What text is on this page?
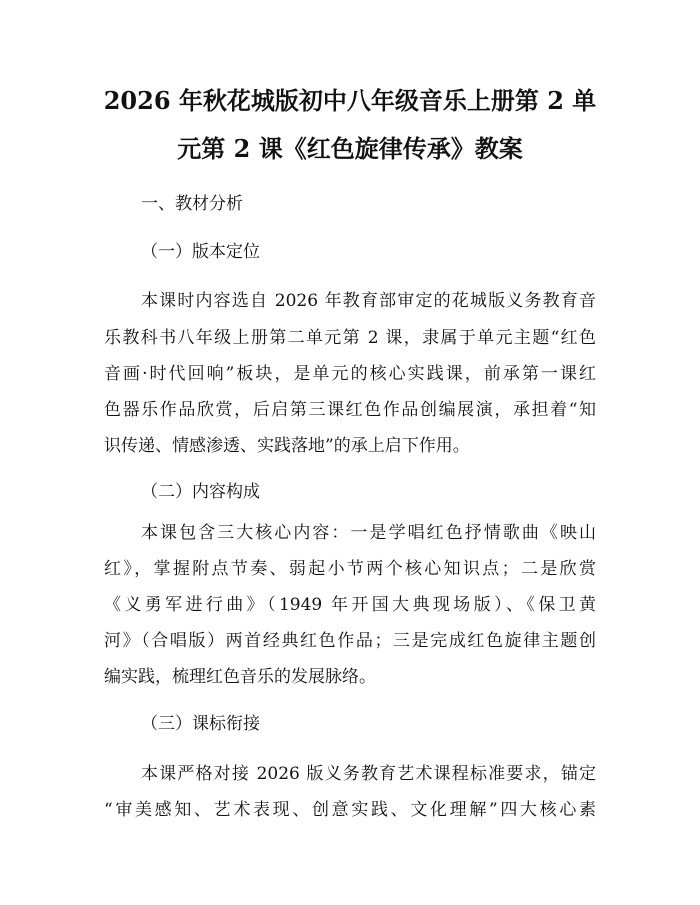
2026 年秋花城版初中八年级音乐上册第 2 单
元第 2 课《红色旋律传承》教案
一、教材分析
（一）版本定位
本课时内容选自 2026 年教育部审定的花城版义务教育音
乐教科书八年级上册第二单元第 2 课，隶属于单元主题“红色
音画·时代回响”板块，是单元的核心实践课，前承第一课红
色器乐作品欣赏，后启第三课红色作品创编展演，承担着“知
识传递、情感渗透、实践落地”的承上启下作用。
（二）内容构成
本课包含三大核心内容：一是学唱红色抒情歌曲《映山
红》，掌握附点节奏、弱起小节两个核心知识点；二是欣赏
《义勇军进行曲》（1949 年开国大典现场版）、《保卫黄
河》（合唱版）两首经典红色作品；三是完成红色旋律主题创
编实践，梳理红色音乐的发展脉络。
（三）课标衔接
本课严格对接 2026 版义务教育艺术课程标准要求，锚定
“审美感知、艺术表现、创意实践、文化理解”四大核心素
